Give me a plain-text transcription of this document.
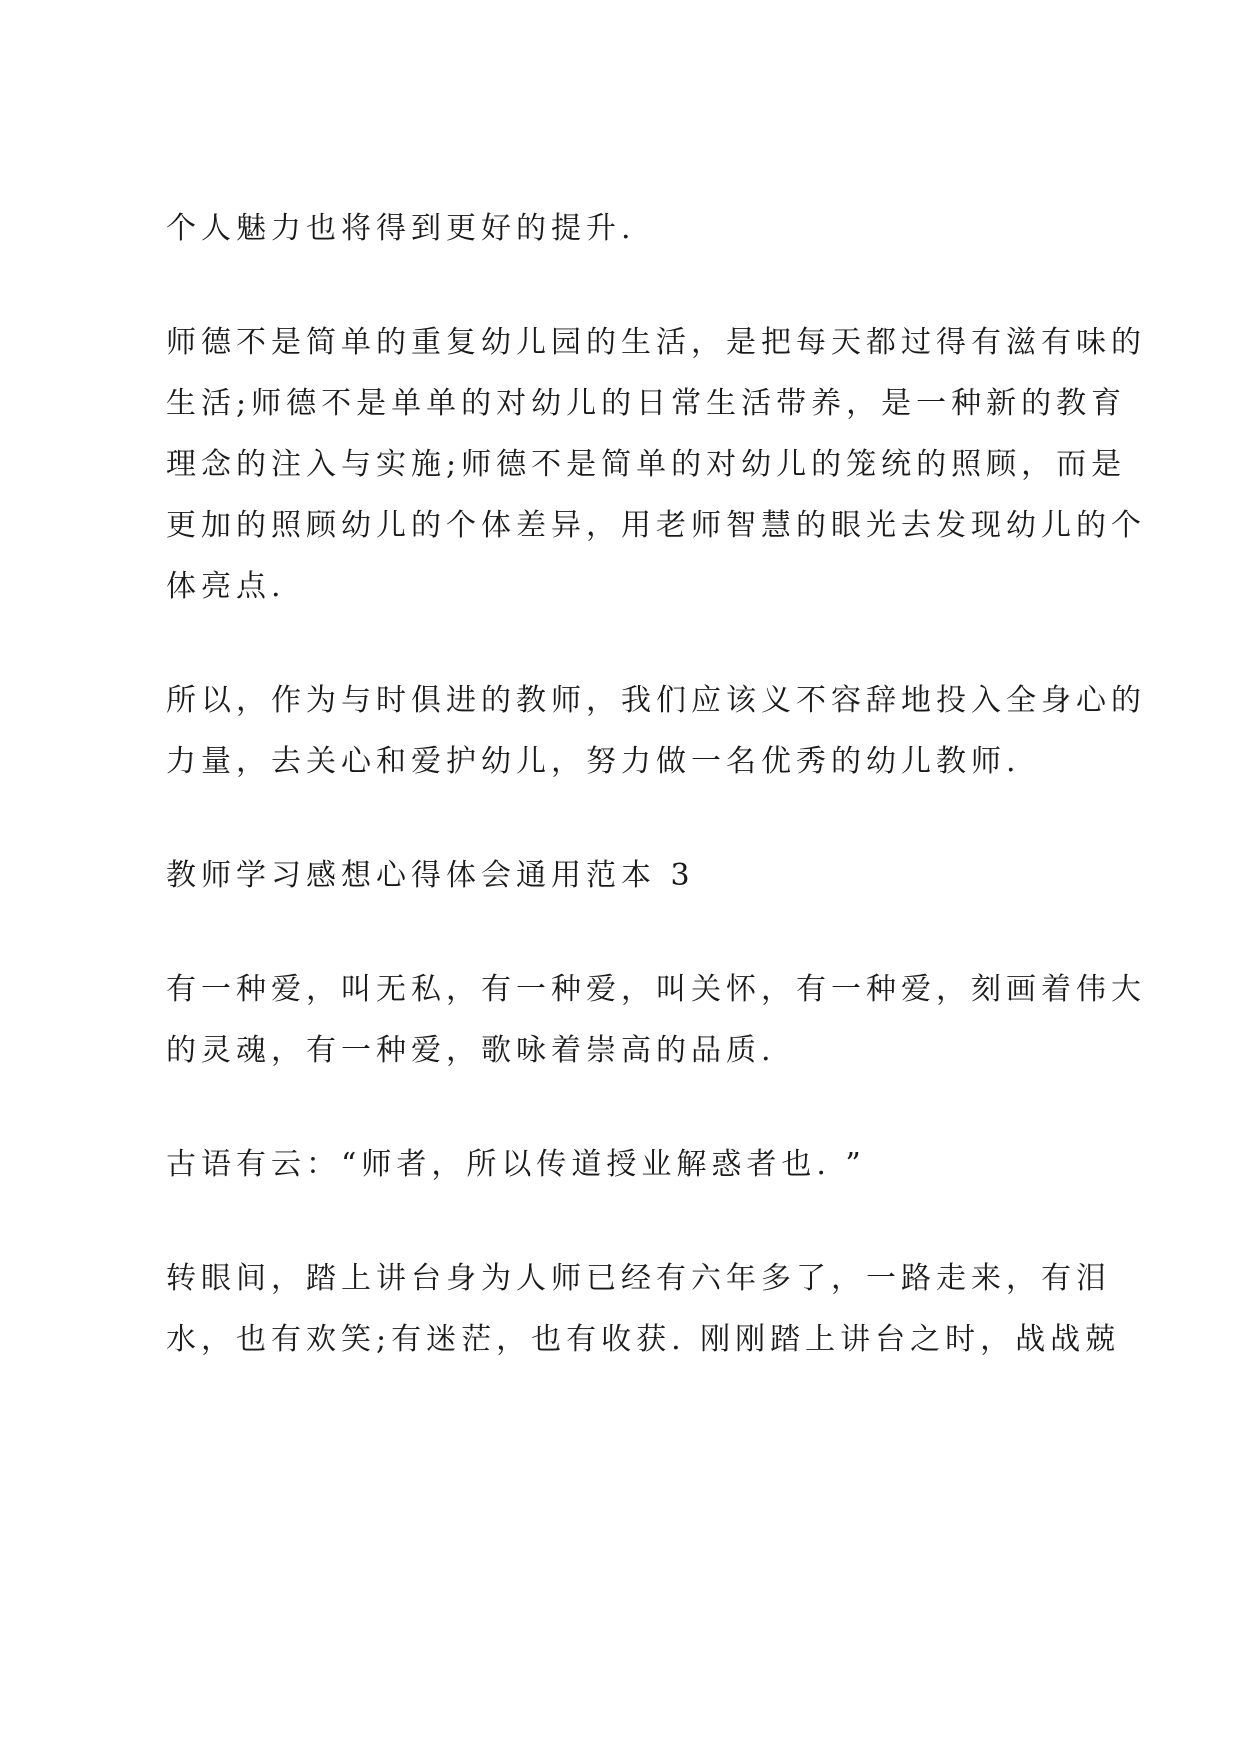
个人魅力也将得到更好的提升.
师德不是简单的重复幼儿园的生活，是把每天都过得有滋有味的
生活;师德不是单单的对幼儿的日常生活带养，是一种新的教育
理念的注入与实施;师德不是简单的对幼儿的笼统的照顾，而是
更加的照顾幼儿的个体差异，用老师智慧的眼光去发现幼儿的个
体亮点.
所以，作为与时俱进的教师，我们应该义不容辞地投入全身心的
力量，去关心和爱护幼儿，努力做一名优秀的幼儿教师.
教师学习感想心得体会通用范本 3
有一种爱，叫无私，有一种爱，叫关怀，有一种爱，刻画着伟大
的灵魂，有一种爱，歌咏着崇高的品质.
古语有云：“师者，所以传道授业解惑者也. ”
转眼间，踏上讲台身为人师已经有六年多了，一路走来，有泪
水，也有欢笑;有迷茫，也有收获. 刚刚踏上讲台之时，战战兢
